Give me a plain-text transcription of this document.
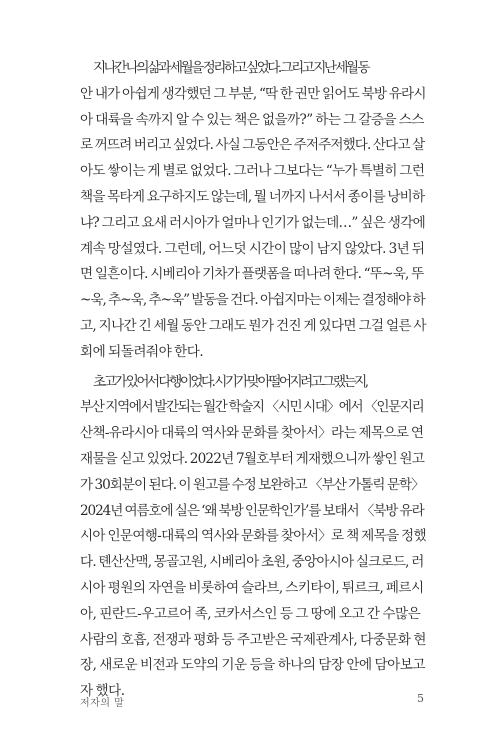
지나간 나의 삶과 세월을 정리하고 싶었다. 그리고 지난 세월 동
안 내가 아쉽게 생각했던 그 부분, “딱 한 권만 읽어도 북방 유라시
아 대륙을 속까지 알 수 있는 책은 없을까?” 하는 그 갈증을 스스
로 꺼뜨려 버리고 싶었다. 사실 그동안은 주저주저했다. 산다고 살
아도 쌓이는 게 별로 없었다. 그러나 그보다는 “누가 특별히 그런
책을 목타게 요구하지도 않는데, 뭘 너까지 나서서 종이를 낭비하
냐? 그리고 요새 러시아가 얼마나 인기가 없는데…” 싶은 생각에
계속 망설였다. 그런데, 어느덧 시간이 많이 남지 않았다. 3년 뒤
면 일흔이다. 시베리아 기차가 플랫폼을 떠나려 한다. “뚜~욱, 뚜
~욱, 추~욱, 추~욱” 발동을 건다. 아쉽지마는 이제는 결정해야 하
고, 지나간 긴 세월 동안 그래도 뭔가 건진 게 있다면 그걸 얼른 사
회에 되돌려줘야 한다.
초고가 있어서 다행이었다. 시기가 맞아떨어지려고 그랬는지,
부산 지역에서 발간되는 월간 학술지 〈시민 시대〉에서 〈인문지리
산책-유라시아 대륙의 역사와 문화를 찾아서〉라는 제목으로 연
재물을 싣고 있었다. 2022년 7월호부터 게재했으니까 쌓인 원고
가 30회분이 된다. 이 원고를 수정 보완하고 〈부산 가톨릭 문학〉
2024년 여름호에 실은 ‘왜 북방 인문학인가’를 보태서 〈북방 유라
시아 인문여행-대륙의 역사와 문화를 찾아서〉로 책 제목을 정했
다. 톈산산맥, 몽골고원, 시베리아 초원, 중앙아시아 실크로드, 러
시아 평원의 자연을 비롯하여 슬라브, 스키타이, 튀르크, 페르시
아, 핀란드-우고르어 족, 코카서스인 등 그 땅에 오고 간 수많은
사람의 호흡, 전쟁과 평화 등 주고받은 국제관계사, 다중문화 현
장, 새로운 비전과 도약의 기운 등을 하나의 담장 안에 담아보고
자 했다.
저자의 말	5
